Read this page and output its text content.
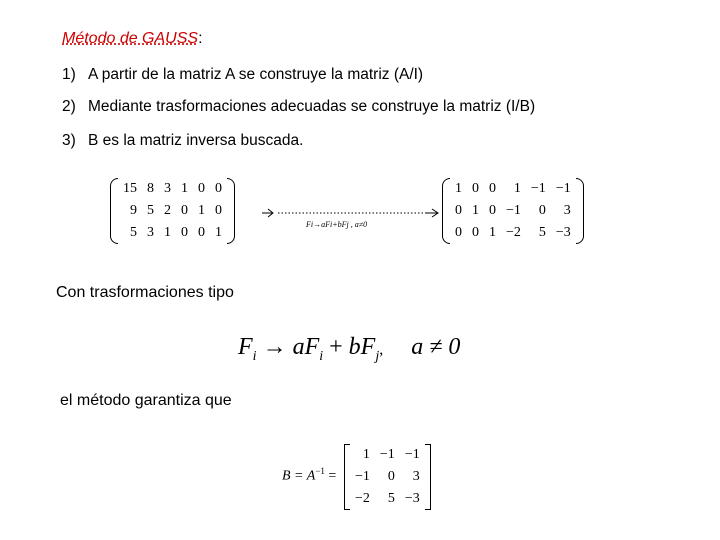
Método de GAUSS:
1) A partir de la matriz A se construye la matriz (A/I)
2) Mediante trasformaciones adecuadas se construye la matriz (I/B)
3) B es la matriz inversa buscada.
15	8	3	1	0	0
9	5	2	0	1	0
5	3	1	0	0	1
Fi→aFi+bFj , a≠0
1	0	0	1	−1	−1
0	1	0	−1	0	3
0	0	1	−2	5	−3
Con trasformaciones tipo
$F_i \to aF_i + bF_j$, a ≠ 0
el método garantiza que
$B = A^{-1}$ =
1	−1	−1
−1	0	3
−2	5	−3
